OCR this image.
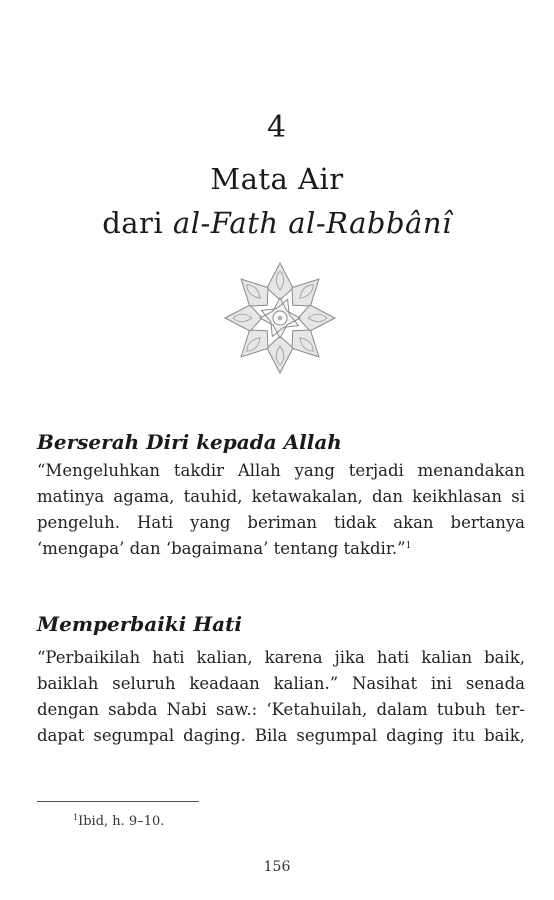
4
Mata Air
dari al-Fath al-Rabbânî
Berserah Diri kepada Allah
“Mengeluhkan takdir Allah yang terjadi menandakan
matinya agama, tauhid, ketawakalan, dan keikhlasan si
pengeluh. Hati yang beriman tidak akan bertanya
‘mengapa’ dan ‘bagaimana’ tentang takdir.”$^1$
Memperbaiki Hati
“Perbaikilah hati kalian, karena jika hati kalian baik,
baiklah seluruh keadaan kalian.” Nasihat ini senada
dengan sabda Nabi saw.: ‘Ketahuilah, dalam tubuh ter-
dapat segumpal daging. Bila segumpal daging itu baik,
$^1$Ibid, h. 9–10.
156
